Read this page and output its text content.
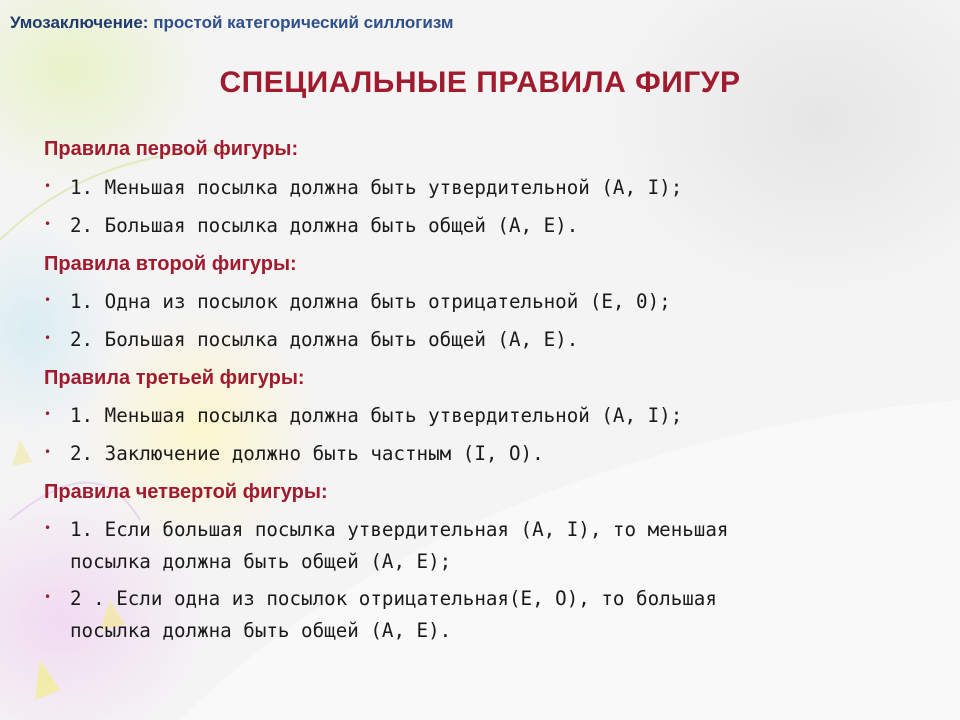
Умозаключение: простой категорический силлогизм
СПЕЦИАЛЬНЫЕ ПРАВИЛА ФИГУР
Правила первой фигуры:
• 1. Меньшая посылка должна быть утвердительной (А, I);
• 2. Большая посылка должна быть общей (А, Е).
Правила второй фигуры:
• 1. Одна из посылок должна быть отрицательной (Е, 0);
• 2. Большая посылка должна быть общей (А, Е).
Правила третьей фигуры:
• 1. Меньшая посылка должна быть утвердительной (А, I);
• 2. Заключение должно быть частным (I, О).
Правила четвертой фигуры:
• 1. Если большая посылка утвердительная (А, I), то меньшая
посылка должна быть общей (А, Е);
• 2 . Если одна из посылок отрицательная(Е, О), то большая
посылка должна быть общей (А, Е).
